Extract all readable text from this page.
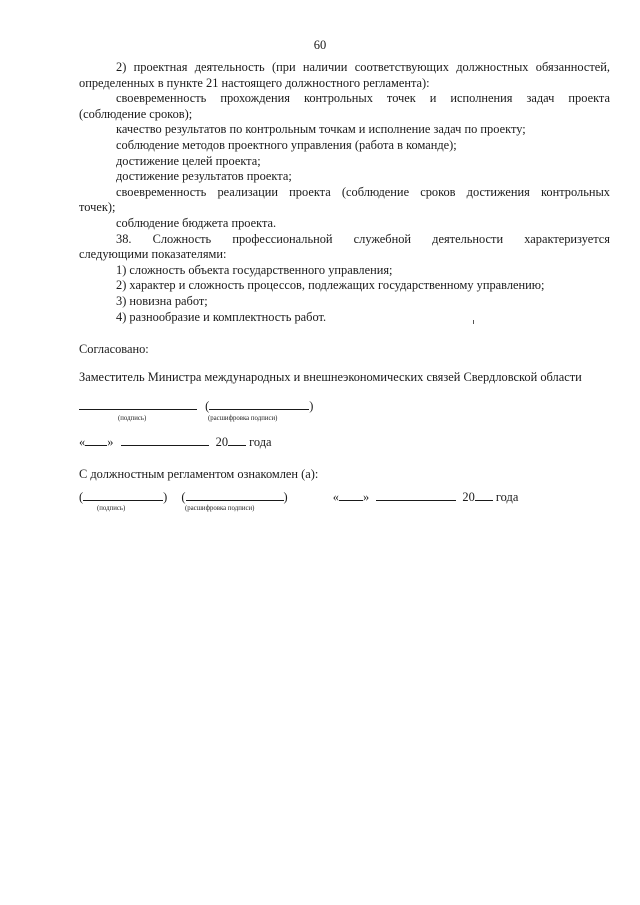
60

2) проектная деятельность (при наличии соответствующих должностных обязанностей,

определенных в пункте 21 настоящего должностного регламента):

своевременность прохождения контрольных точек и исполнения задач проекта

(соблюдение сроков);

качество результатов по контрольным точкам и исполнение задач по проекту;

соблюдение методов проектного управления (работа в команде);

достижение целей проекта;

достижение результатов проекта;

своевременность реализации проекта (соблюдение сроков достижения контрольных

точек);

соблюдение бюджета проекта.

38. Сложность профессиональной служебной деятельности характеризуется

следующими показателями:

1) сложность объекта государственного управления;

2) характер и сложность процессов, подлежащих государственному управлению;

3) новизна работ;

4) разнообразие и комплектность работ.

Согласовано:
Заместитель Министра международных и внешнеэкономических связей Свердловской области
(	)
(подпись)	(расшифровка подписи)
« »	20 года
С должностным регламентом ознакомлен (а):
(	) (	)	« »	20 года
(подпись)	(расшифровка подписи)
